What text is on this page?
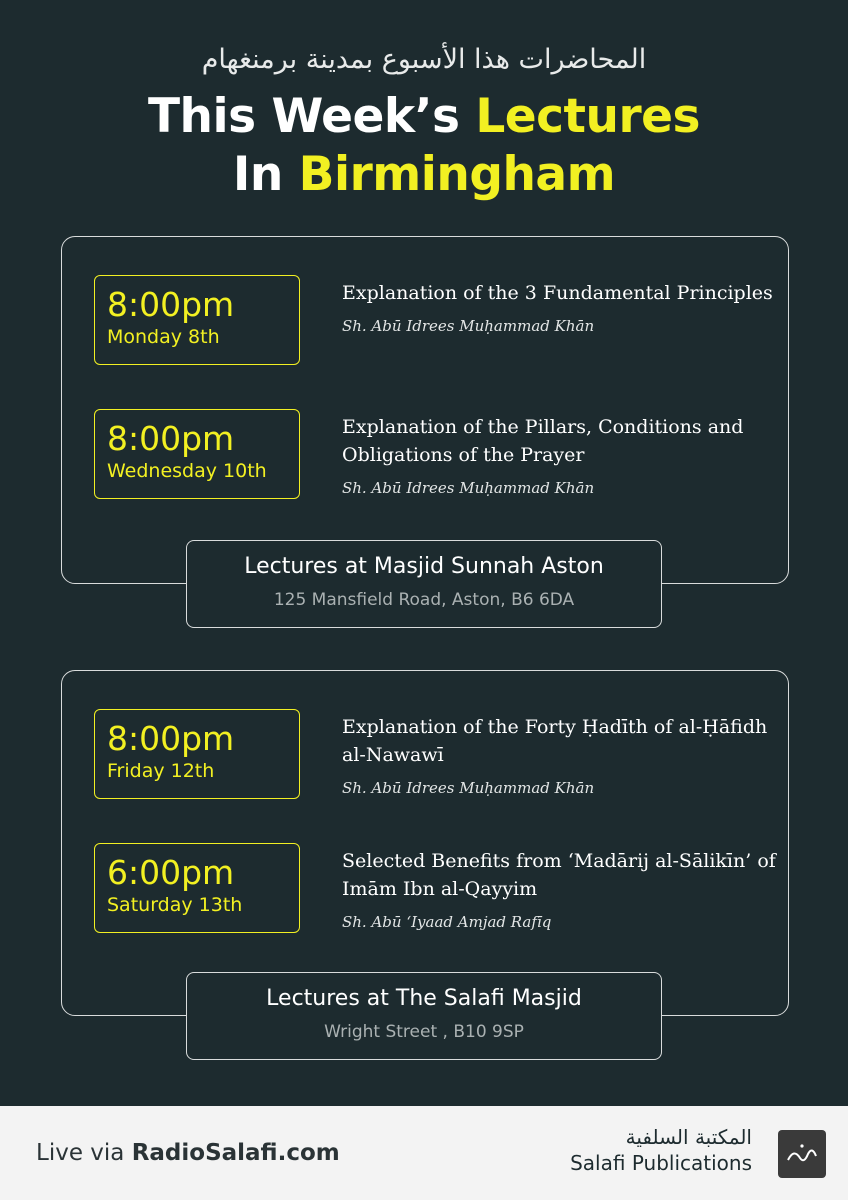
المحاضرات هذا الأسبوع بمدينة برمنغهام
This Week’s Lectures
In Birmingham
8:00pm
Monday 8th
Explanation of the 3 Fundamental Principles
Sh. Abū Idrees Muḥammad Khān
8:00pm
Wednesday 10th
Explanation of the Pillars, Conditions and Obligations of the Prayer
Sh. Abū Idrees Muḥammad Khān
Lectures at Masjid Sunnah Aston
125 Mansfield Road, Aston, B6 6DA
8:00pm
Friday 12th
Explanation of the Forty Ḥadīth of al-Ḥāfidh al-Nawawī
Sh. Abū Idrees Muḥammad Khān
6:00pm
Saturday 13th
Selected Benefits from ‘Madārij al-Sālikīn’ of Imām Ibn al-Qayyim
Sh. Abū ‘Iyaad Amjad Rafīq
Lectures at The Salafi Masjid
Wright Street , B10 9SP
Live via RadioSalafi.com
المكتبة السلفية
Salafi Publications
